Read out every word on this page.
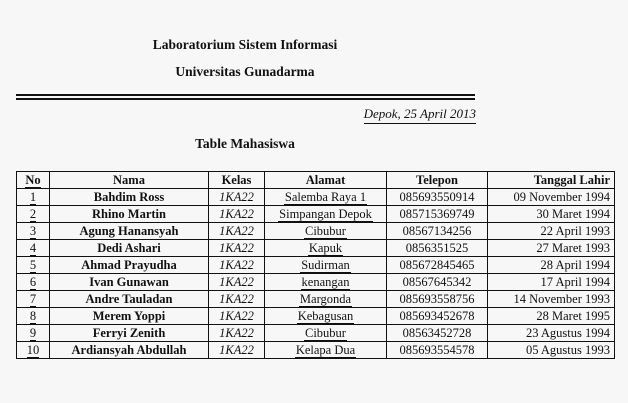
Laboratorium Sistem Informasi
Universitas Gunadarma
Depok, 25 April 2013
Table Mahasiswa
No	Nama	Kelas	Alamat	Telepon	Tanggal Lahir
1	Bahdim Ross	1KA22	Salemba Raya 1	085693550914	09 November 1994
2	Rhino Martin	1KA22	Simpangan Depok	085715369749	30 Maret 1994
3	Agung Hanansyah	1KA22	Cibubur	08567134256	22 April 1993
4	Dedi Ashari	1KA22	Kapuk	0856351525	27 Maret 1993
5	Ahmad Prayudha	1KA22	Sudirman	085672845465	28 April 1994
6	Ivan Gunawan	1KA22	kenangan	08567645342	17 April 1994
7	Andre Tauladan	1KA22	Margonda	085693558756	14 November 1993
8	Merem Yoppi	1KA22	Kebagusan	085693452678	28 Maret 1995
9	Ferryi Zenith	1KA22	Cibubur	08563452728	23 Agustus 1994
10	Ardiansyah Abdullah	1KA22	Kelapa Dua	085693554578	05 Agustus 1993
